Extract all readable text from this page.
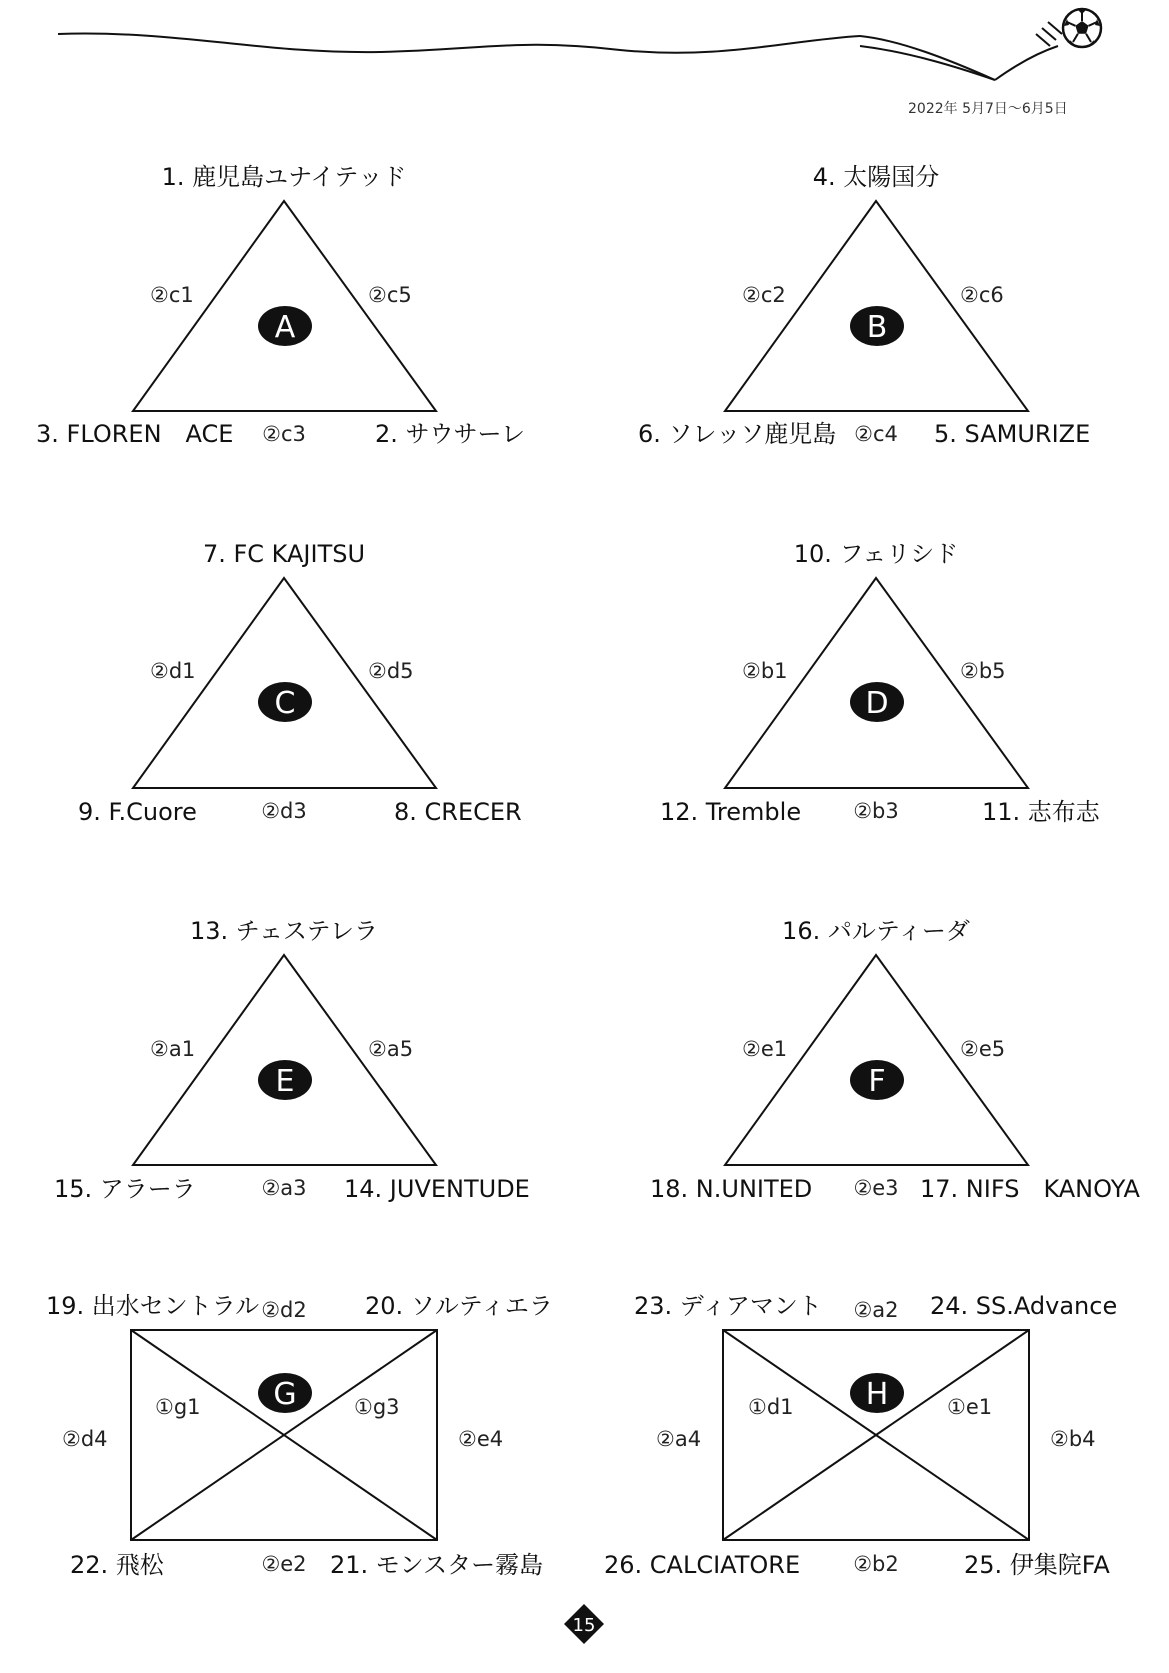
2022年 5月7日〜6月5日
A
1. 鹿児島ユナイテッド
3. FLOREN　ACE	2. サウサーレ
②c1	②c5
②c3
B
4. 太陽国分
6. ソレッソ鹿児島	5. SAMURIZE
②c2	②c6
②c4
C
7. FC KAJITSU
9. F.Cuore	8. CRECER
②d1	②d5
②d3
D
10. フェリシド
12. Tremble	11. 志布志
②b1	②b5
②b3
E
13. チェステレラ
15. アラーラ	14. JUVENTUDE
②a1	②a5
②a3
F
16. パルティーダ
18. N.UNITED	17. NIFS　KANOYA
②e1	②e5
②e3
G
19. 出水セントラル	20. ソルティエラ
22. 飛松	21. モンスター霧島
②d2
②d4	②e4
②e2
①g1	①g3	H
23. ディアマント	24. SS.Advance
26. CALCIATORE	25. 伊集院FA
②a2
②a4	②b4
②b2
①d1	①e1
15
